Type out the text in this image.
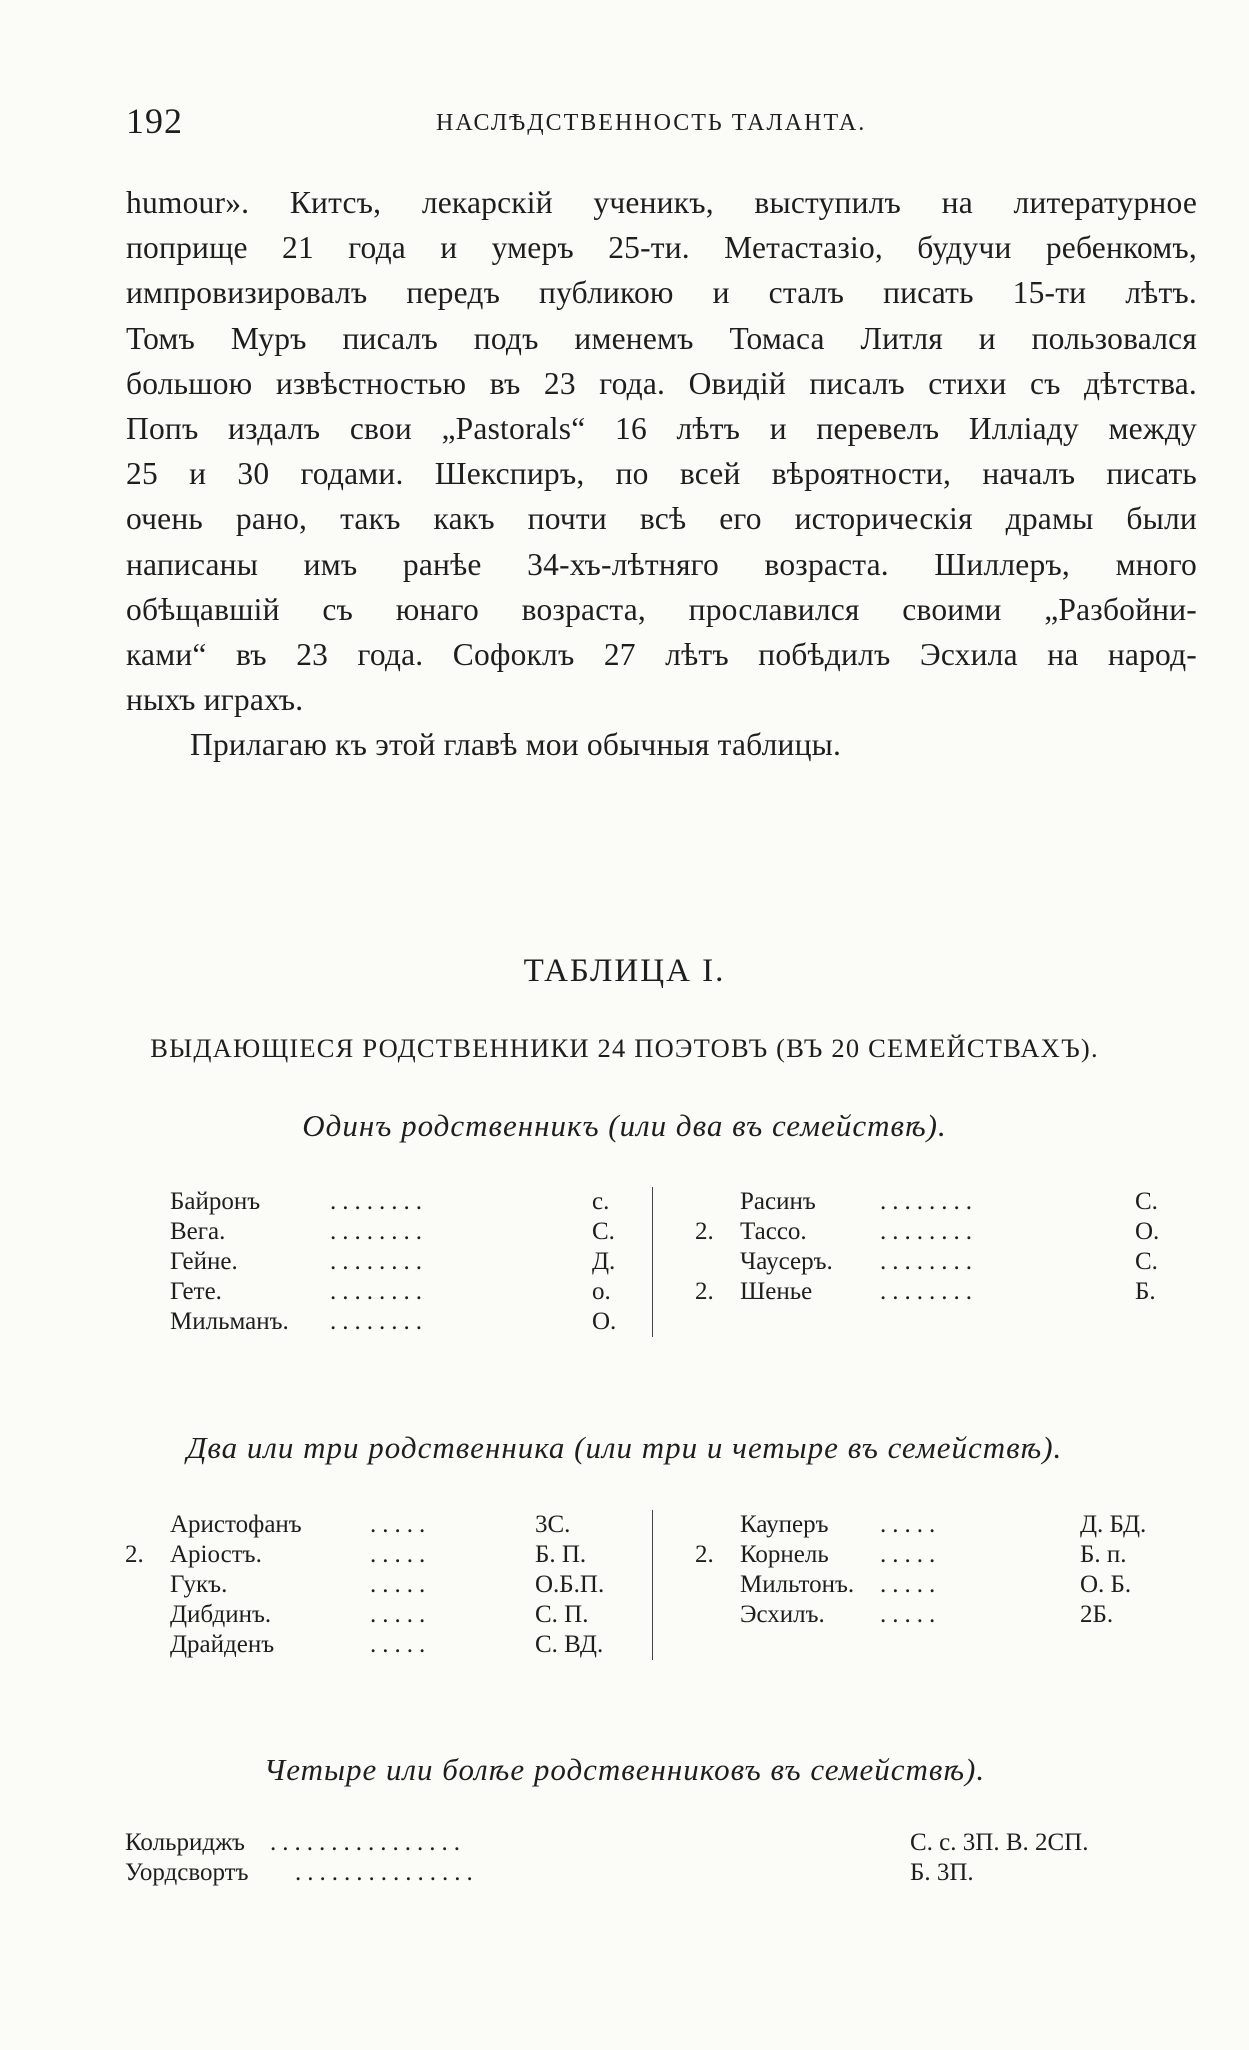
192	НАСЛѢДСТВЕННОСТЬ ТАЛАНТА.
humour». Китсъ, лекарскій ученикъ, выступилъ на литературное
поприще 21 года и умеръ 25-ти. Метастазіо, будучи ребенкомъ,
импровизировалъ передъ публикою и сталъ писать 15-ти лѣтъ.
Томъ Муръ писалъ подъ именемъ Томаса Литля и пользовался
большою извѣстностью въ 23 года. Овидій писалъ стихи съ дѣтства.
Попъ издалъ свои „Pastorals“ 16 лѣтъ и перевелъ Илліаду между
25 и 30 годами. Шекспиръ, по всей вѣроятности, началъ писать
очень рано, такъ какъ почти всѣ его историческія драмы были
написаны имъ ранѣе 34-хъ-лѣтняго возраста. Шиллеръ, много
обѣщавшій съ юнаго возраста, прославился своими „Разбойни-
ками“ въ 23 года. Софоклъ 27 лѣтъ побѣдилъ Эсхила на народ-
ныхъ играхъ.
Прилагаю къ этой главѣ мои обычныя таблицы.
ТАБЛИЦА I.
ВЫДАЮЩІЕСЯ РОДСТВЕННИКИ 24 ПОЭТОВЪ (ВЪ 20 СЕМЕЙСТВАХЪ).
Одинъ родственникъ (или два въ семействѣ).
Два или три родственника (или три и четыре въ семействѣ).
Четыре или болѣе родственниковъ въ семействѣ).
Байронъ	........	с.
Вега.	........	С.
Гейне.	........	Д.
Гете.	........	о.
Мильманъ. ........	О.
Расинъ	........	С.
2. Тассо.	........	О.
Чаусеръ. ........	С.
2. Шенье	........	Б.
Аристофанъ	.....	3С.
2. Аріостъ.	.....	Б. П.
Гукъ.	.....	О.Б.П.
Дибдинъ.	.....	С. П.
Драйденъ	.....	С. ВД.
Кауперъ .....	Д. БД.
2. Корнель .....	Б. п.
Мильтонъ. .....	О. Б.
Эсхилъ. .....	2Б.
Кольриджъ ................	С. с. 3П. В. 2СП.
Уордсвортъ ...............	Б. 3П.
